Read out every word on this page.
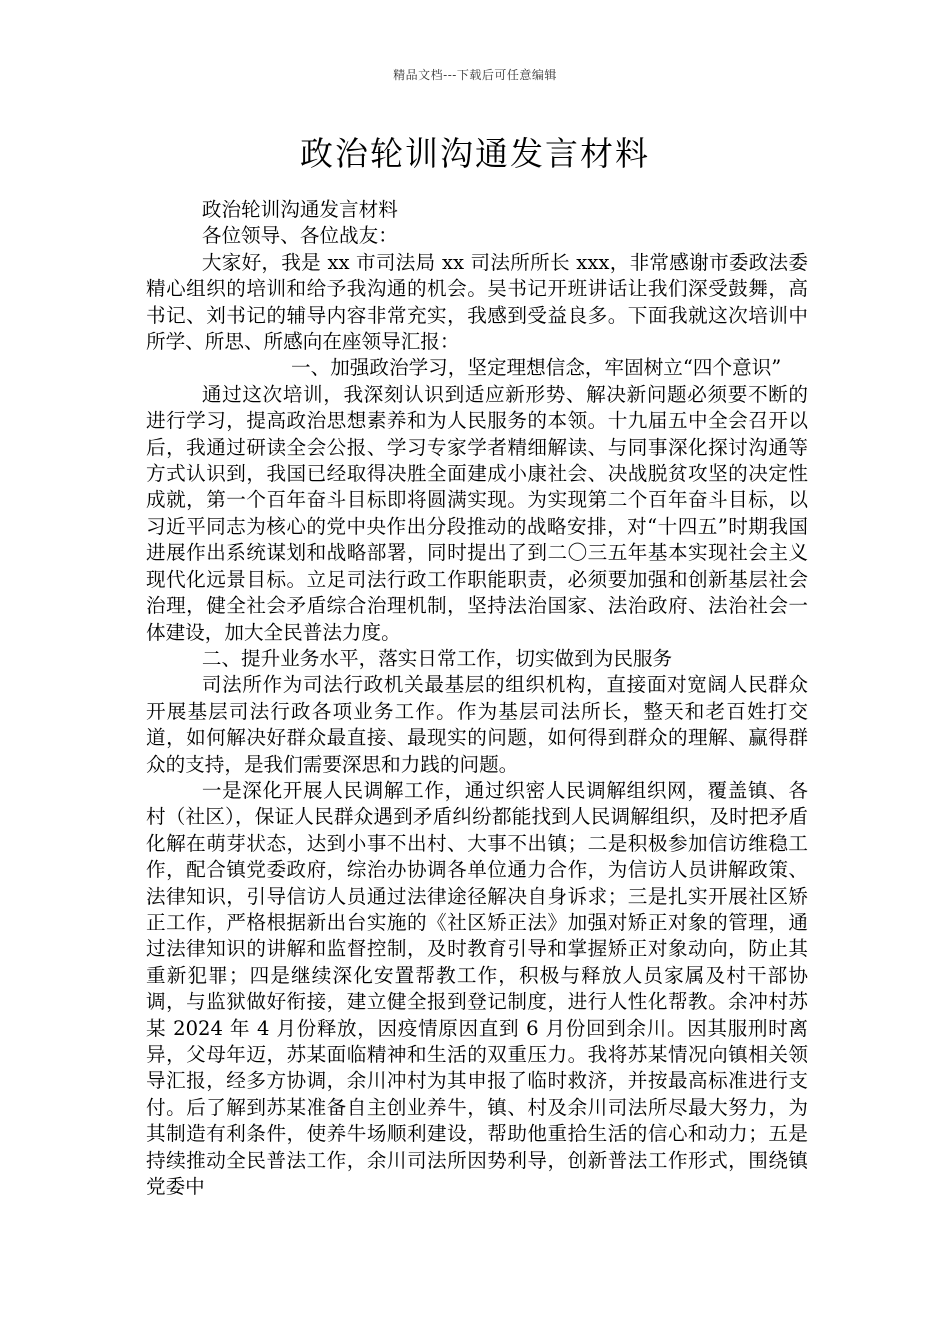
精品文档---下载后可任意编辑
政治轮训沟通发言材料

政治轮训沟通发言材料

各位领导、各位战友：

大家好，我是 xx 市司法局 xx 司法所所长 xxx，非常感谢市委政法委精心组织的培训和给予我沟通的机会。吴书记开班讲话让我们深受鼓舞，高书记、刘书记的辅导内容非常充实，我感到受益良多。下面我就这次培训中所学、所思、所感向在座领导汇报：

一、加强政治学习，坚定理想信念，牢固树立“四个意识”

通过这次培训，我深刻认识到适应新形势、解决新问题必须要不断的进行学习，提高政治思想素养和为人民服务的本领。十九届五中全会召开以后，我通过研读全会公报、学习专家学者精细解读、与同事深化探讨沟通等方式认识到，我国已经取得决胜全面建成小康社会、决战脱贫攻坚的决定性成就，第一个百年奋斗目标即将圆满实现。为实现第二个百年奋斗目标，以习近平同志为核心的党中央作出分段推动的战略安排，对“十四五”时期我国进展作出系统谋划和战略部署，同时提出了到二〇三五年基本实现社会主义现代化远景目标。立足司法行政工作职能职责，必须要加强和创新基层社会治理，健全社会矛盾综合治理机制，坚持法治国家、法治政府、法治社会一体建设，加大全民普法力度。

二、提升业务水平，落实日常工作，切实做到为民服务

司法所作为司法行政机关最基层的组织机构，直接面对宽阔人民群众开展基层司法行政各项业务工作。作为基层司法所长，整天和老百姓打交道，如何解决好群众最直接、最现实的问题，如何得到群众的理解、赢得群众的支持，是我们需要深思和力践的问题。

一是深化开展人民调解工作，通过织密人民调解组织网，覆盖镇、各村（社区），保证人民群众遇到矛盾纠纷都能找到人民调解组织，及时把矛盾化解在萌芽状态，达到小事不出村、大事不出镇；二是积极参加信访维稳工作，配合镇党委政府，综治办协调各单位通力合作，为信访人员讲解政策、法律知识，引导信访人员通过法律途径解决自身诉求；三是扎实开展社区矫正工作，严格根据新出台实施的《社区矫正法》加强对矫正对象的管理，通过法律知识的讲解和监督控制，及时教育引导和掌握矫正对象动向，防止其重新犯罪；四是继续深化安置帮教工作，积极与释放人员家属及村干部协调，与监狱做好衔接，建立健全报到登记制度，进行人性化帮教。余冲村苏某 2024 年 4 月份释放，因疫情原因直到 6 月份回到余川。因其服刑时离异，父母年迈，苏某面临精神和生活的双重压力。我将苏某情况向镇相关领导汇报，经多方协调，余川冲村为其申报了临时救济，并按最高标准进行支付。后了解到苏某准备自主创业养牛，镇、村及余川司法所尽最大努力，为其制造有利条件，使养牛场顺利建设，帮助他重拾生活的信心和动力；五是持续推动全民普法工作，余川司法所因势利导，创新普法工作形式，围绕镇党委中
